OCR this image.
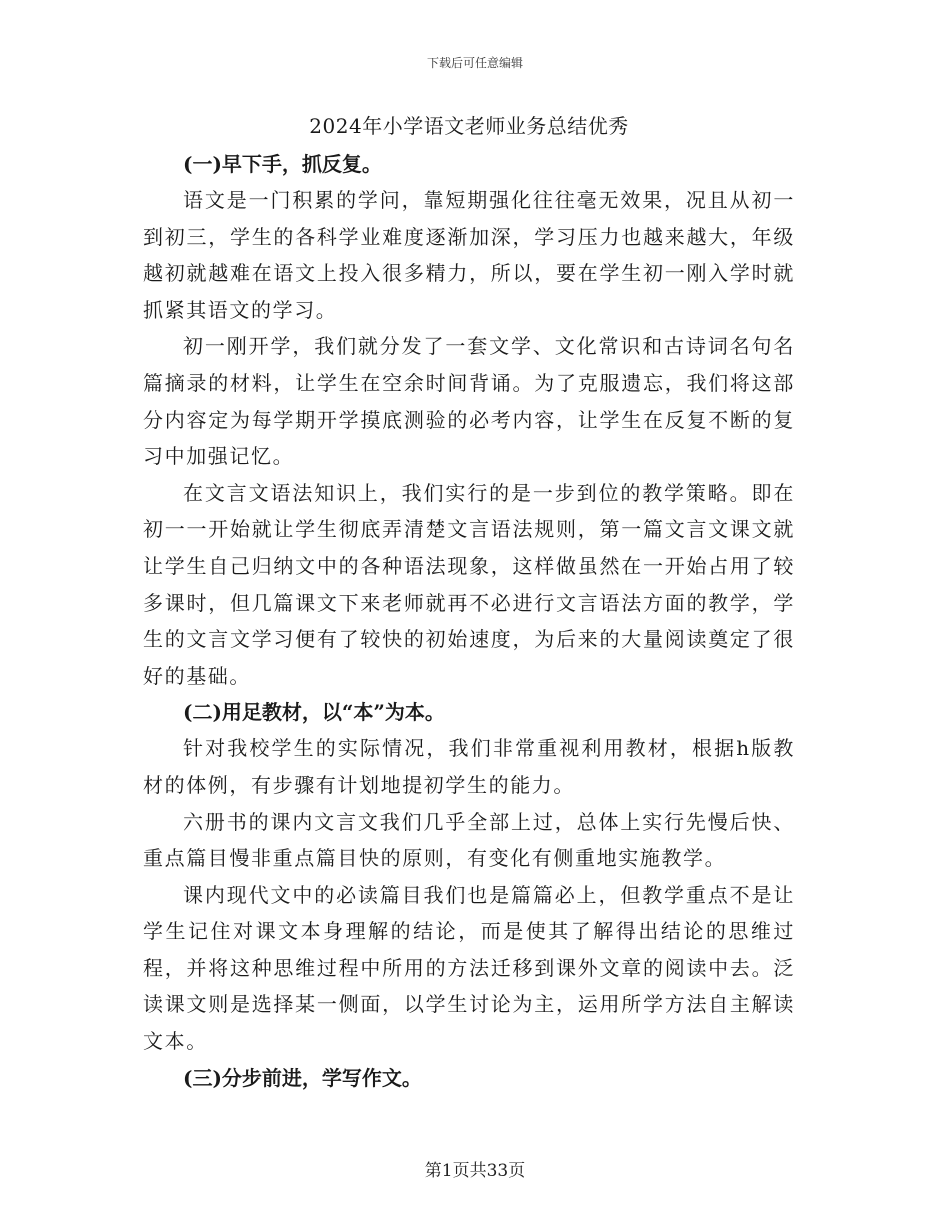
下载后可任意编辑
2024年小学语文老师业务总结优秀
(一)早下手，抓反复。

语文是一门积累的学问，靠短期强化往往毫无效果，况且从初一到初三，学生的各科学业难度逐渐加深，学习压力也越来越大，年级越初就越难在语文上投入很多精力，所以，要在学生初一刚入学时就抓紧其语文的学习。

初一刚开学，我们就分发了一套文学、文化常识和古诗词名句名篇摘录的材料，让学生在空余时间背诵。为了克服遗忘，我们将这部分内容定为每学期开学摸底测验的必考内容，让学生在反复不断的复习中加强记忆。

在文言文语法知识上，我们实行的是一步到位的教学策略。即在初一一开始就让学生彻底弄清楚文言语法规则，第一篇文言文课文就让学生自己归纳文中的各种语法现象，这样做虽然在一开始占用了较多课时，但几篇课文下来老师就再不必进行文言语法方面的教学，学生的文言文学习便有了较快的初始速度，为后来的大量阅读奠定了很好的基础。

(二)用足教材，以“本”为本。

针对我校学生的实际情况，我们非常重视利用教材，根据h版教材的体例，有步骤有计划地提初学生的能力。

六册书的课内文言文我们几乎全部上过，总体上实行先慢后快、重点篇目慢非重点篇目快的原则，有变化有侧重地实施教学。

课内现代文中的必读篇目我们也是篇篇必上，但教学重点不是让学生记住对课文本身理解的结论，而是使其了解得出结论的思维过程，并将这种思维过程中所用的方法迁移到课外文章的阅读中去。泛读课文则是选择某一侧面，以学生讨论为主，运用所学方法自主解读文本。

(三)分步前进，学写作文。
第1页共33页
